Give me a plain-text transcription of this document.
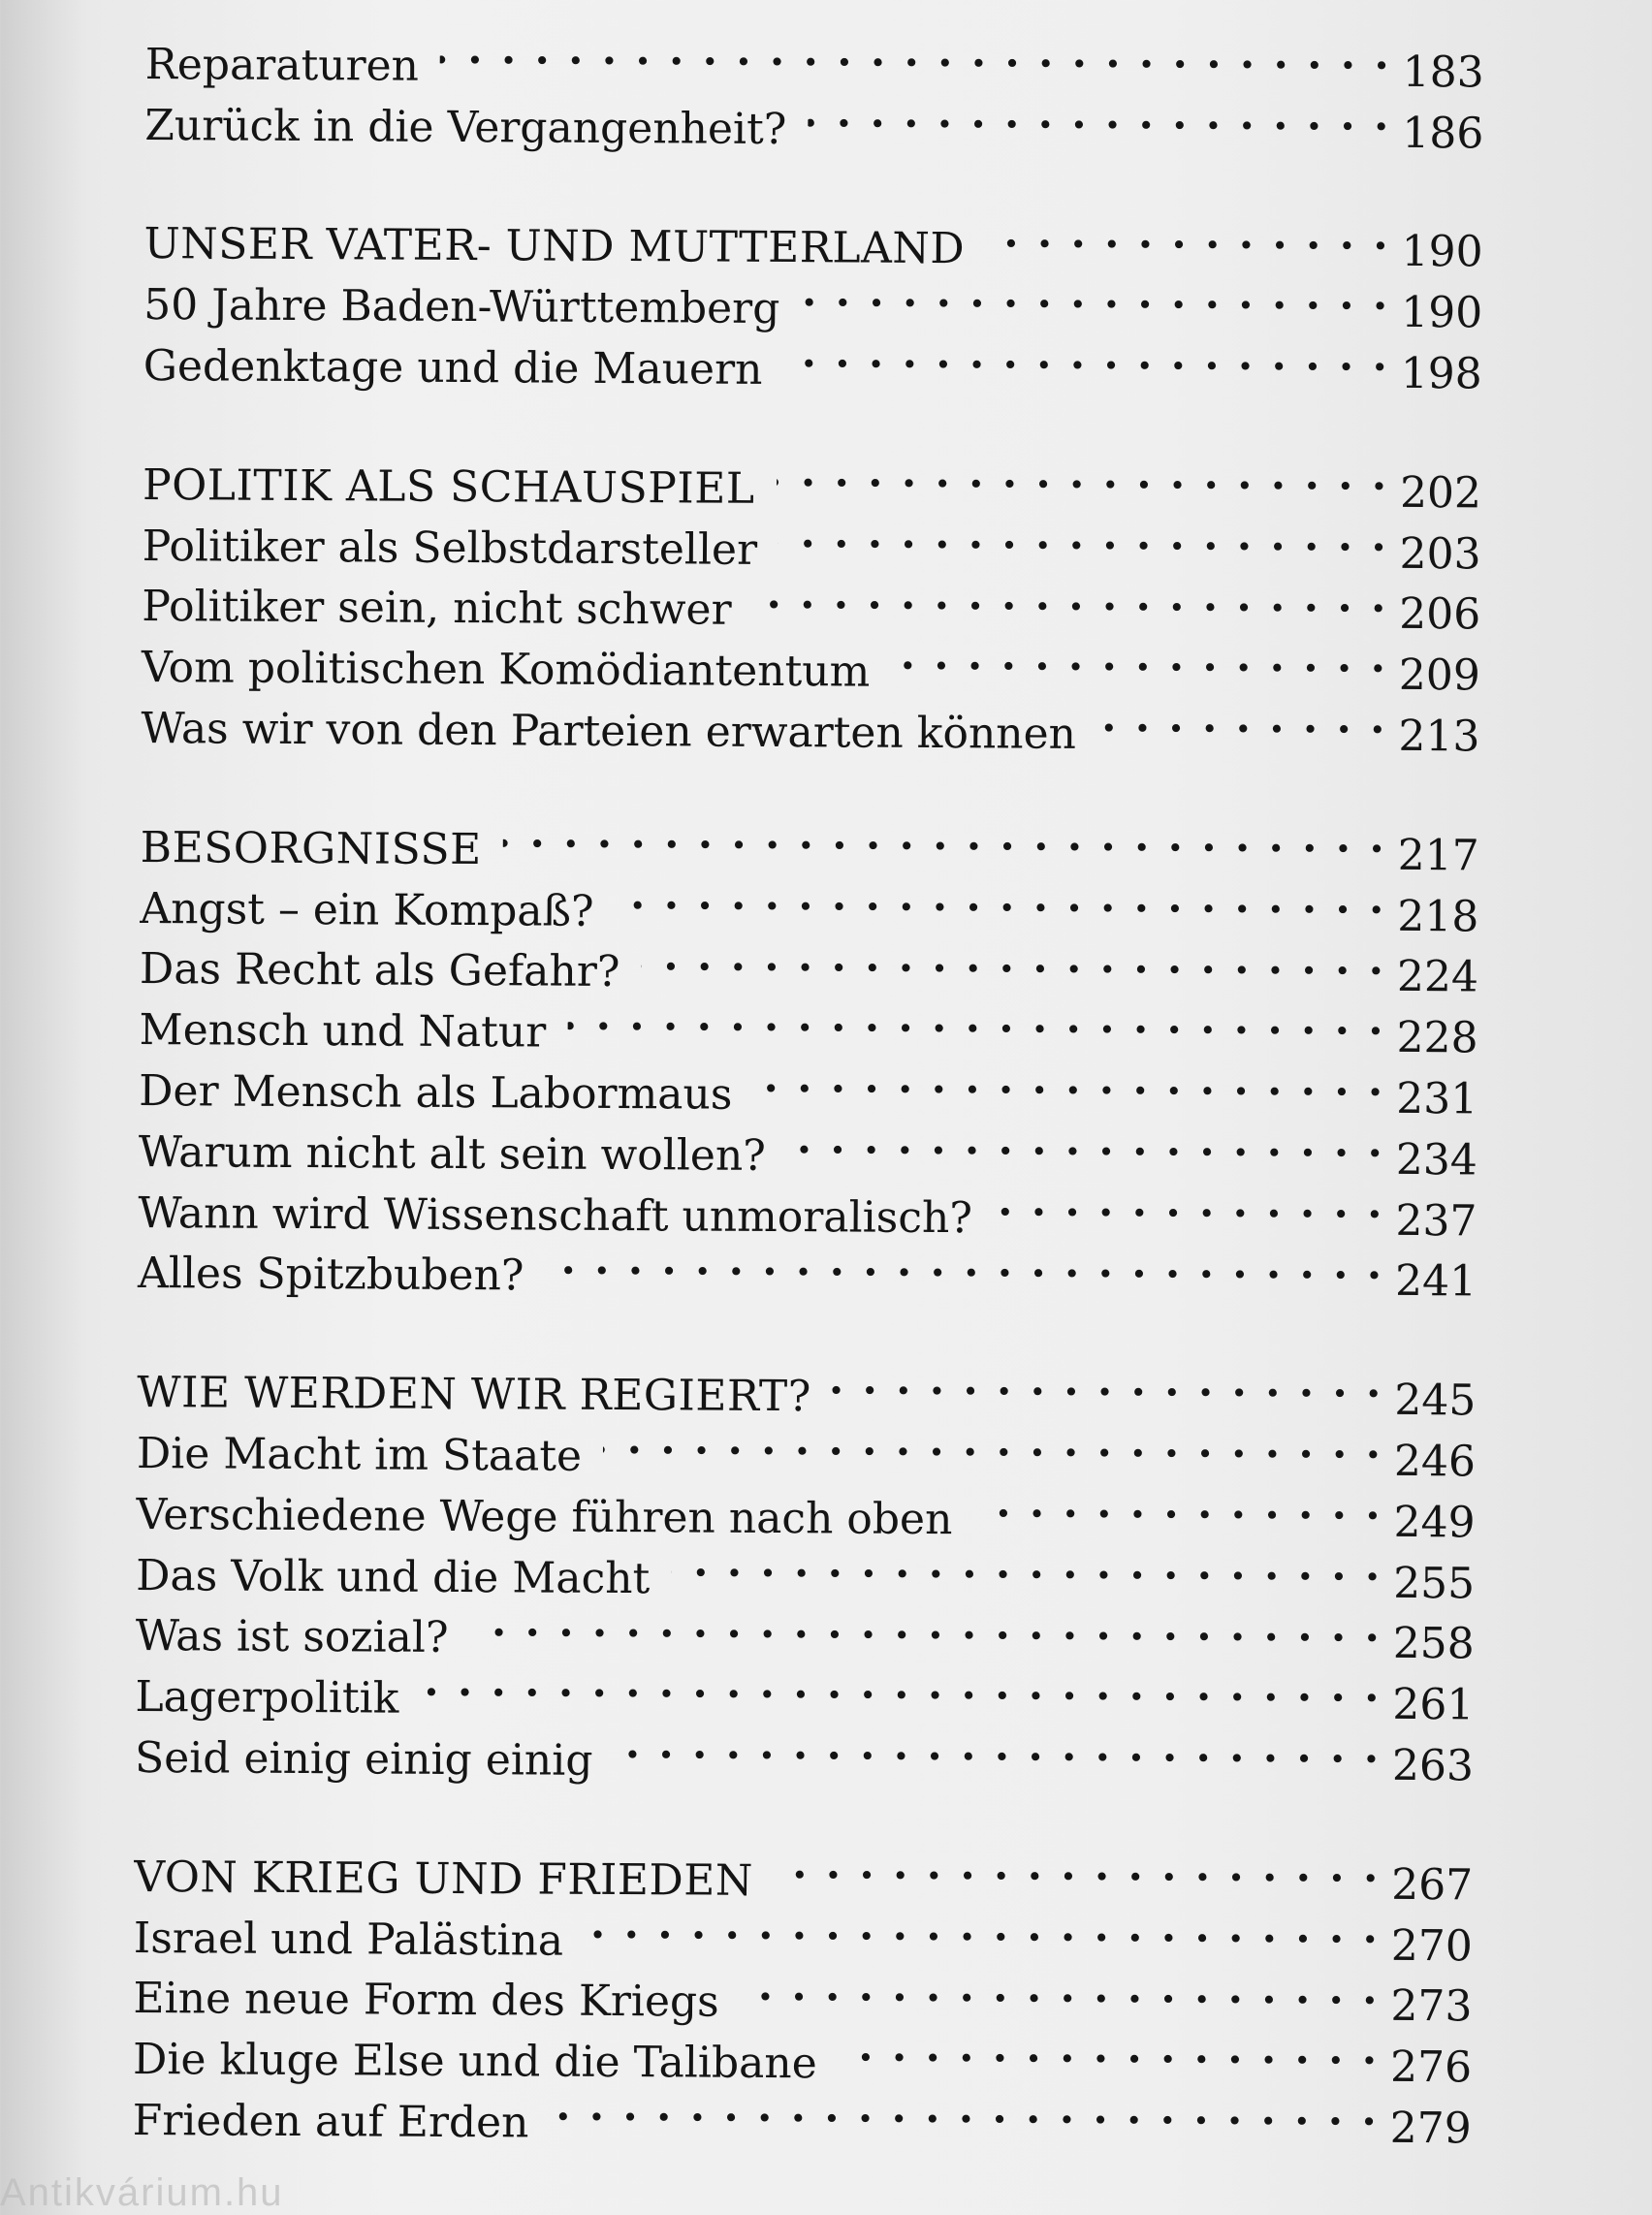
Reparaturen . . .	183
Zurück in die Vergangenheit? . . .	186
UNSER VATER- UND MUTTERLAND . . .	190
50 Jahre Baden-Württemberg . . .	190
Gedenktage und die Mauern . . .	198
POLITIK ALS SCHAUSPIEL . . .	202
Politiker als Selbstdarsteller . . .	203
Politiker sein, nicht schwer . . .	206
Vom politischen Komödiantentum . . .	209
Was wir von den Parteien erwarten können . . .	213
BESORGNISSE . . .	217
Angst – ein Kompaß? . . .	218
Das Recht als Gefahr? . . .	224
Mensch und Natur . . .	228
Der Mensch als Labormaus . . .	231
Warum nicht alt sein wollen? . . .	234
Wann wird Wissenschaft unmoralisch? . . .	237
Alles Spitzbuben? . . .	241
WIE WERDEN WIR REGIERT? . . .	245
Die Macht im Staate . . .	246
Verschiedene Wege führen nach oben . . .	249
Das Volk und die Macht . . .	255
Was ist sozial? . . .	258
Lagerpolitik . . .	261
Seid einig einig einig . . .	263
VON KRIEG UND FRIEDEN . . .	267
Israel und Palästina . . .	270
Eine neue Form des Kriegs . . .	273
Die kluge Else und die Talibane . . .	276
Frieden auf Erden . . .	279
Antikvárium.hu
